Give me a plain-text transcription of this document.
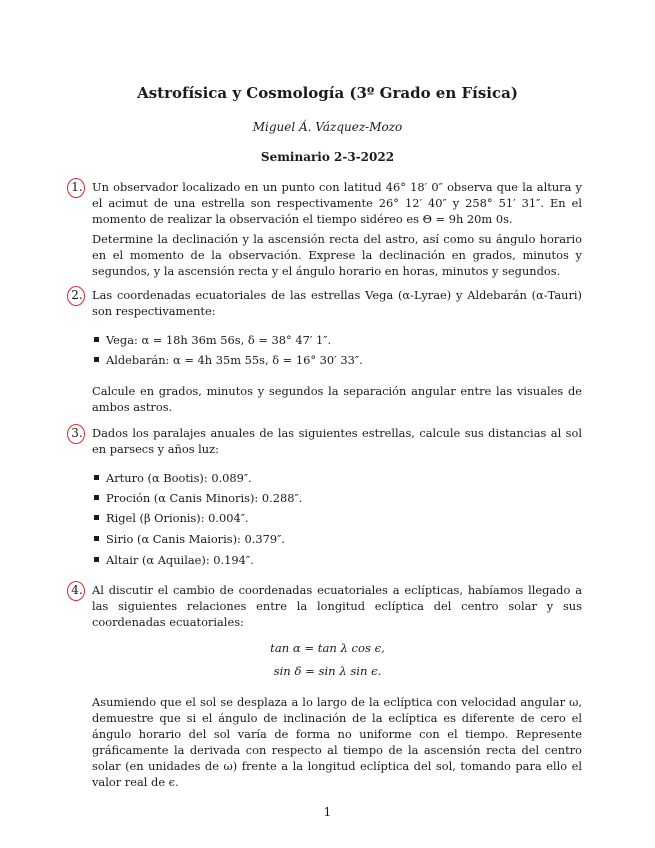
Astrofísica y Cosmología (3º Grado en Física)
Miguel Á. Vázquez-Mozo
Seminario 2-3-2022
1. Un observador localizado en un punto con latitud 46° 18′ 0″ observa que la altura y el acimut de una estrella son respectivamente 26° 12′ 40″ y 258° 51′ 31″. En el momento de realizar la observación el tiempo sidéreo es Θ = 9h 20m 0s.

Determine la declinación y la ascensión recta del astro, así como su ángulo horario en el momento de la observación. Exprese la declinación en grados, minutos y segundos, y la ascensión recta y el ángulo horario en horas, minutos y segundos.

2. Las coordenadas ecuatoriales de las estrellas Vega (α-Lyrae) y Aldebarán (α-Tauri) son respectivamente:

Vega: α = 18h 36m 56s, δ = 38° 47′ 1″.
Aldebarán: α = 4h 35m 55s, δ = 16° 30′ 33″.

Calcule en grados, minutos y segundos la separación angular entre las visuales de ambos astros.

3. Dados los paralajes anuales de las siguientes estrellas, calcule sus distancias al sol en parsecs y años luz:

Arturo (α Bootis): 0.089″.
Proción (α Canis Minoris): 0.288″.
Rigel (β Orionis): 0.004″.
Sirio (α Canis Maioris): 0.379″.
Altair (α Aquilae): 0.194″.
4. Al discutir el cambio de coordenadas ecuatoriales a eclípticas, habíamos llegado a las siguientes relaciones entre la longitud eclíptica del centro solar y sus coordenadas ecuatoriales:

tan α = tan λ cos ϵ,
sin δ = sin λ sin ϵ.

Asumiendo que el sol se desplaza a lo largo de la eclíptica con velocidad angular ω, demuestre que si el ángulo de inclinación de la eclíptica es diferente de cero el ángulo horario del sol varía de forma no uniforme con el tiempo. Represente gráficamente la derivada con respecto al tiempo de la ascensión recta del centro solar (en unidades de ω) frente a la longitud eclíptica del sol, tomando para ello el valor real de ϵ.

1
